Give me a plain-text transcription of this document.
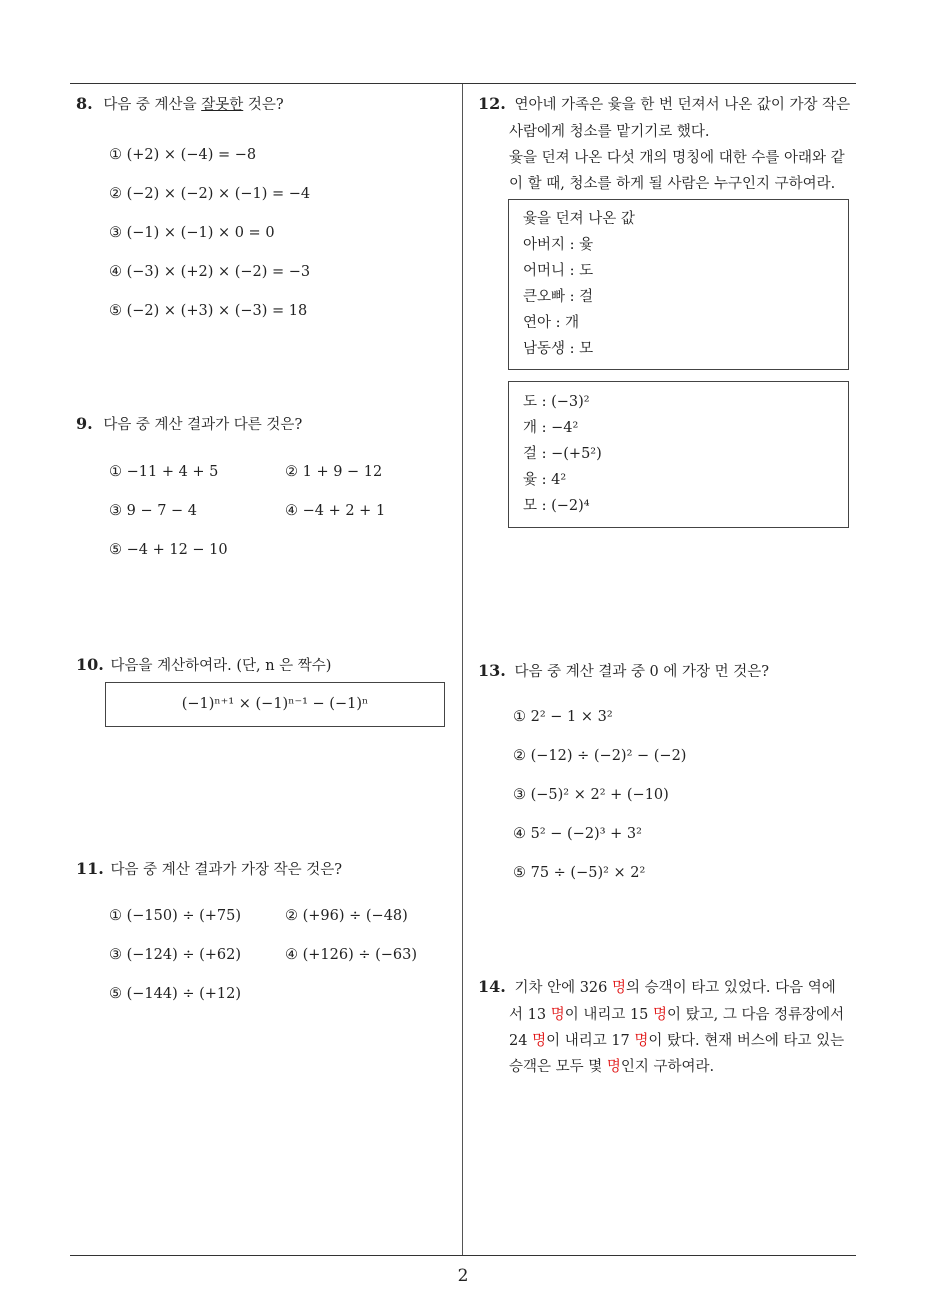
8. 다음 중 계산을 잘못한 것은?
① (+2) × (−4) = −8
② (−2) × (−2) × (−1) = −4
③ (−1) × (−1) × 0 = 0
④ (−3) × (+2) × (−2) = −3
⑤ (−2) × (+3) × (−3) = 18
9. 다음 중 계산 결과가 다른 것은?
① −11 + 4 + 5	② 1 + 9 − 12
③ 9 − 7 − 4	④ −4 + 2 + 1
⑤ −4 + 12 − 10
10. 다음을 계산하여라. (단, n 은 짝수)
(−1)ⁿ⁺¹ × (−1)ⁿ⁻¹ − (−1)ⁿ
11. 다음 중 계산 결과가 가장 작은 것은?
① (−150) ÷ (+75)	② (+96) ÷ (−48)
③ (−124) ÷ (+62)	④ (+126) ÷ (−63)
⑤ (−144) ÷ (+12)
12. 연아네 가족은 윷을 한 번 던져서 나온 값이 가장 작은
사람에게 청소를 맡기기로 했다.
윷을 던져 나온 다섯 개의 명칭에 대한 수를 아래와 같
이 할 때, 청소를 하게 될 사람은 누구인지 구하여라.
윷을 던져 나온 값
아버지 : 윷
어머니 : 도
큰오빠 : 걸
연아 : 개
남동생 : 모
도 : (−3)²
개 : −4²
걸 : −(+5²)
윷 : 4²
모 : (−2)⁴
13. 다음 중 계산 결과 중 0 에 가장 먼 것은?
① 2² − 1 × 3²
② (−12) ÷ (−2)² − (−2)
③ (−5)² × 2² + (−10)
④ 5² − (−2)³ + 3²
⑤ 75 ÷ (−5)² × 2²
14. 기차 안에 326 명의 승객이 타고 있었다. 다음 역에
서 13 명이 내리고 15 명이 탔고, 그 다음 정류장에서
24 명이 내리고 17 명이 탔다. 현재 버스에 타고 있는
승객은 모두 몇 명인지 구하여라.
2
